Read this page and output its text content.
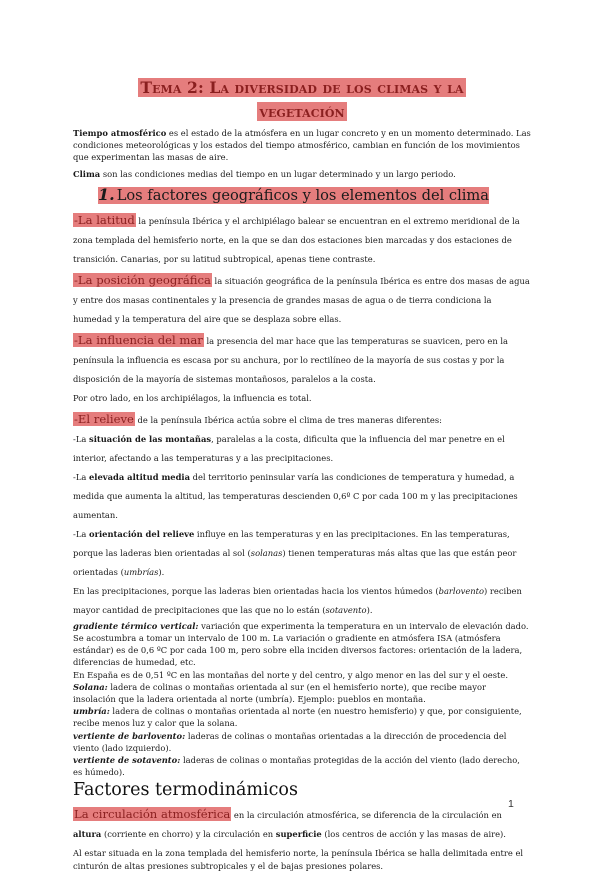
Tema 2: La diversidad de los climas y la
vegetación

Tiempo atmosférico es el estado de la atmósfera en un lugar concreto y en un momento determinado. Las condiciones meteorológicas y los estados del tiempo atmosférico, cambian en función de los movimientos que experimentan las masas de aire.

Clima son las condiciones medias del tiempo en un lugar determinado y un largo periodo.

1. Los factores geográficos y los elementos del clima
-La latitud

la península Ibérica y el archipiélago balear se encuentran en el extremo meridional de la zona templada del hemisferio norte, en la que se dan dos estaciones bien marcadas y dos estaciones de transición. Canarias, por su latitud subtropical, apenas tiene contraste.

-La posición geográfica

la situación geográfica de la península Ibérica es entre dos masas de agua y entre dos masas continentales y la presencia de grandes masas de agua o de tierra condiciona la humedad y la temperatura del aire que se desplaza sobre ellas.

-La influencia del mar

la presencia del mar hace que las temperaturas se suavicen, pero en la península la influencia es escasa por su anchura, por lo rectilíneo de la mayoría de sus costas y por la disposición de la mayoría de sistemas montañosos, paralelos a la costa.

Por otro lado, en los archipiélagos, la influencia es total.

-El relieve

de la península Ibérica actúa sobre el clima de tres maneras diferentes:

-La situación de las montañas, paralelas a la costa, dificulta que la influencia del mar penetre en el interior, afectando a las temperaturas y a las precipitaciones.

-La elevada altitud media del territorio peninsular varía las condiciones de temperatura y humedad, a medida que aumenta la altitud, las temperaturas descienden 0,6º C por cada 100 m y las precipitaciones aumentan.

-La orientación del relieve influye en las temperaturas y en las precipitaciones. En las temperaturas, porque las laderas bien orientadas al sol (solanas) tienen temperaturas más altas que las que están peor orientadas (umbrías).

En las precipitaciones, porque las laderas bien orientadas hacia los vientos húmedos (barlovento) reciben mayor cantidad de precipitaciones que las que no lo están (sotavento).

gradiente térmico vertical: variación que experimenta la temperatura en un intervalo de elevación dado. Se acostumbra a tomar un intervalo de 100 m. La variación o gradiente en atmósfera ISA (atmósfera estándar) es de 0,6 ºC por cada 100 m, pero sobre ella inciden diversos factores: orientación de la ladera, diferencias de humedad, etc.

En España es de 0,51 ºC en las montañas del norte y del centro, y algo menor en las del sur y el oeste.

Solana: ladera de colinas o montañas orientada al sur (en el hemisferio norte), que recibe mayor insolación que la ladera orientada al norte (umbría). Ejemplo: pueblos en montaña.

umbría: ladera de colinas o montañas orientada al norte (en nuestro hemisferio) y que, por consiguiente, recibe menos luz y calor que la solana.

vertiente de barlovento: laderas de colinas o montañas orientadas a la dirección de procedencia del viento (lado izquierdo).

vertiente de sotavento: laderas de colinas o montañas protegidas de la acción del viento (lado derecho, es húmedo).

Factores termodinámicos
La circulación atmosférica

en la circulación atmosférica, se diferencia de la circulación en altura (corriente en chorro) y la circulación en superficie (los centros de acción y las masas de aire).

Al estar situada en la zona templada del hemisferio norte, la península Ibérica se halla delimitada entre el cinturón de altas presiones subtropicales y el de bajas presiones polares.

1
